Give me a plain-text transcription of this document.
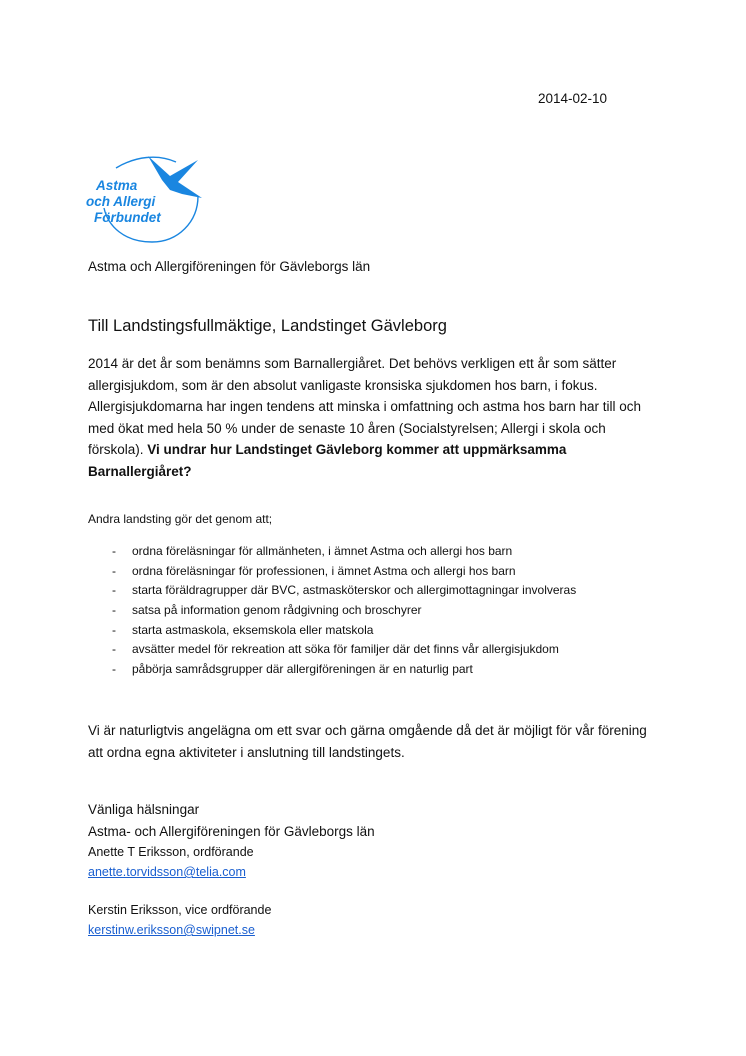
2014-02-10
Astma
och Allergi
Förbundet
Astma och Allergiföreningen för Gävleborgs län
Till Landstingsfullmäktige, Landstinget Gävleborg
2014 är det år som benämns som Barnallergiåret. Det behövs verkligen ett år som sätter allergisjukdom, som är den absolut vanligaste kronsiska sjukdomen hos barn, i fokus. Allergisjukdomarna har ingen tendens att minska i omfattning och astma hos barn har till och med ökat med hela 50 % under de senaste 10 åren (Socialstyrelsen; Allergi i skola och förskola). Vi undrar hur Landstinget Gävleborg kommer att uppmärksamma Barnallergiåret?
Andra landsting gör det genom att;
- ordna föreläsningar för allmänheten, i ämnet Astma och allergi hos barn
- ordna föreläsningar för professionen, i ämnet Astma och allergi hos barn
- starta föräldragrupper där BVC, astmasköterskor och allergimottagningar involveras
- satsa på information genom rådgivning och broschyrer
- starta astmaskola, eksemskola eller matskola
- avsätter medel för rekreation att söka för familjer där det finns vår allergisjukdom
- påbörja samrådsgrupper där allergiföreningen är en naturlig part
Vi är naturligtvis angelägna om ett svar och gärna omgående då det är möjligt för vår förening att ordna egna aktiviteter i anslutning till landstingets.
Vänliga hälsningar
Astma- och Allergiföreningen för Gävleborgs län
Anette T Eriksson, ordförande
anette.torvidsson@telia.com
Kerstin Eriksson, vice ordförande
kerstinw.eriksson@swipnet.se
